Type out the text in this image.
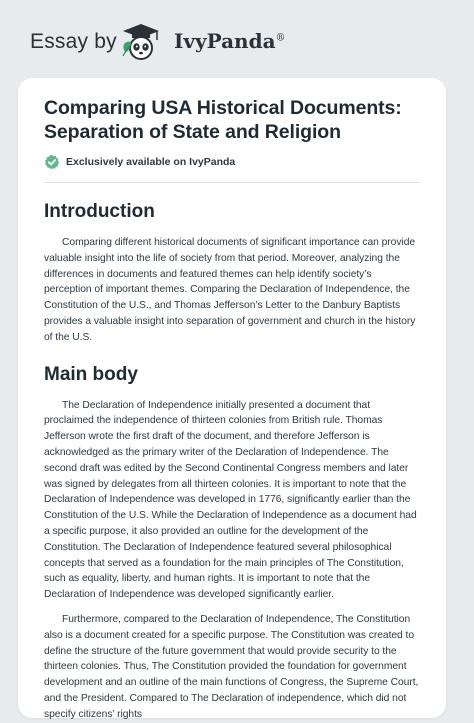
Essay by	IvyPanda®
Comparing USA Historical Documents: Separation of State and Religion
Exclusively available on IvyPanda
Introduction

Comparing different historical documents of significant importance can provide valuable insight into the life of society from that period. Moreover, analyzing the differences in documents and featured themes can help identify society’s perception of important themes. Comparing the Declaration of Independence, the Constitution of the U.S., and Thomas Jefferson’s Letter to the Danbury Baptists provides a valuable insight into separation of government and church in the history of the U.S.

Main body

The Declaration of Independence initially presented a document that proclaimed the independence of thirteen colonies from British rule. Thomas Jefferson wrote the first draft of the document, and therefore Jefferson is acknowledged as the primary writer of the Declaration of Independence. The second draft was edited by the Second Continental Congress members and later was signed by delegates from all thirteen colonies. It is important to note that the Declaration of Independence was developed in 1776, significantly earlier than the Constitution of the U.S. While the Declaration of Independence as a document had a specific purpose, it also provided an outline for the development of the Constitution. The Declaration of Independence featured several philosophical concepts that served as a foundation for the main principles of The Constitution, such as equality, liberty, and human rights. It is important to note that the Declaration of Independence was developed significantly earlier.

Furthermore, compared to the Declaration of Independence, The Constitution also is a document created for a specific purpose. The Constitution was created to define the structure of the future government that would provide security to the thirteen colonies. Thus, The Constitution provided the foundation for government development and an outline of the main functions of Congress, the Supreme Court, and the President. Compared to The Declaration of independence, which did not specify citizens’ rights
